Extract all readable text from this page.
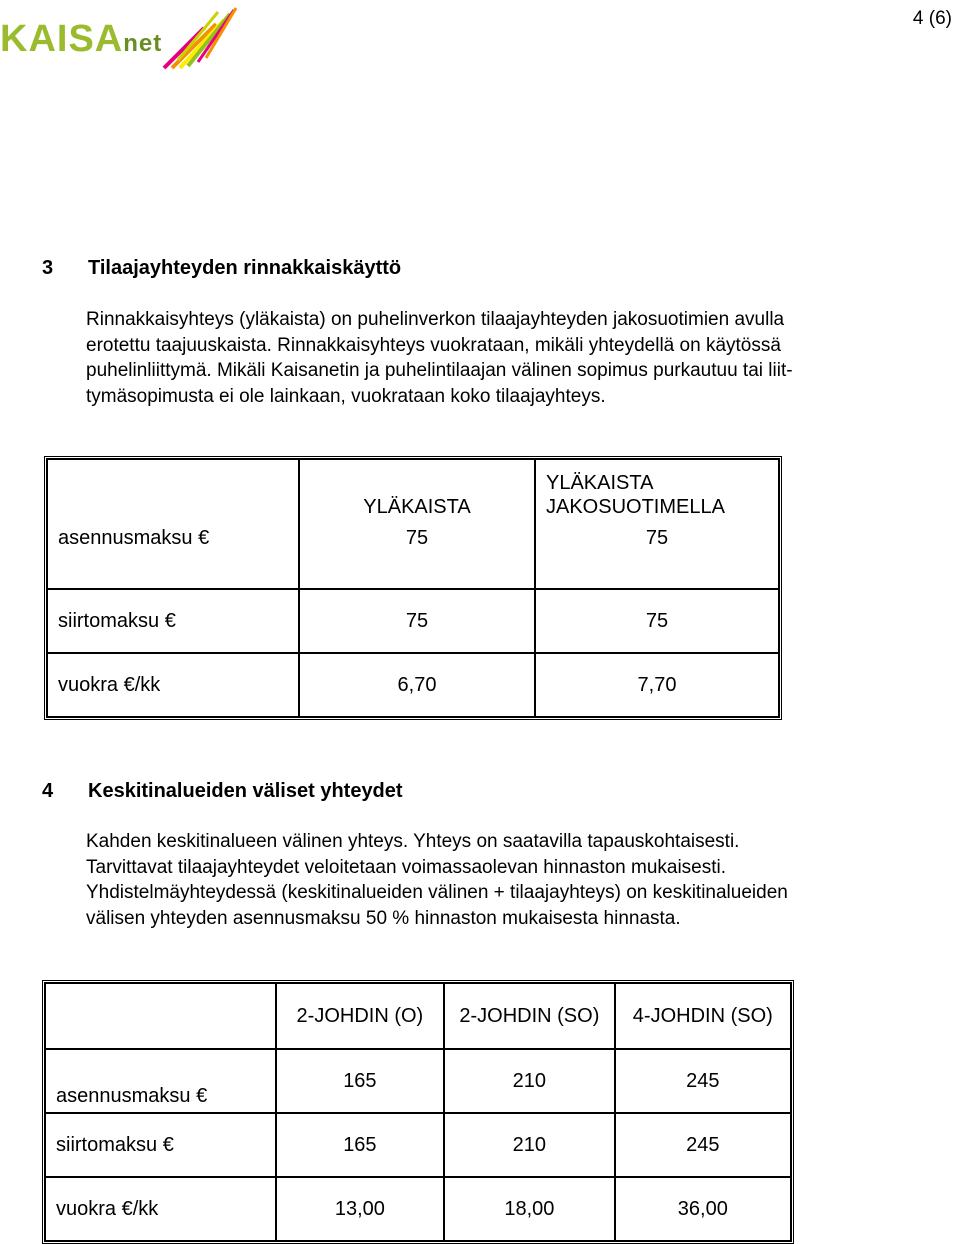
KAISAnet
4 (6)
3 Tilaajayhteyden rinnakkaiskäyttö

Rinnakkaisyhteys (yläkaista) on puhelinverkon tilaajayhteyden jakosuotimien avulla

erotettu taajuuskaista. Rinnakkaisyhteys vuokrataan, mikäli yhteydellä on käytössä

puhelinliittymä. Mikäli Kaisanetin ja puhelintilaajan välinen sopimus purkautuu tai liit-

tymäsopimusta ei ole lainkaan, vuokrataan koko tilaajayhteys.

	YLÄKAISTA	YLÄKAISTA JAKOSUOTIMELLA
asennusmaksu €	75	75
siirtomaksu €	75	75
vuokra €/kk	6,70	7,70
4 Keskitinalueiden väliset yhteydet

Kahden keskitinalueen välinen yhteys. Yhteys on saatavilla tapauskohtaisesti.

Tarvittavat tilaajayhteydet veloitetaan voimassaolevan hinnaston mukaisesti.

Yhdistelmäyhteydessä (keskitinalueiden välinen + tilaajayhteys) on keskitinalueiden

välisen yhteyden asennusmaksu 50 % hinnaston mukaisesta hinnasta.

	2-JOHDIN (O)	2-JOHDIN (SO)	4-JOHDIN (SO)
asennusmaksu €	165	210	245
siirtomaksu €	165	210	245
vuokra €/kk	13,00	18,00	36,00
